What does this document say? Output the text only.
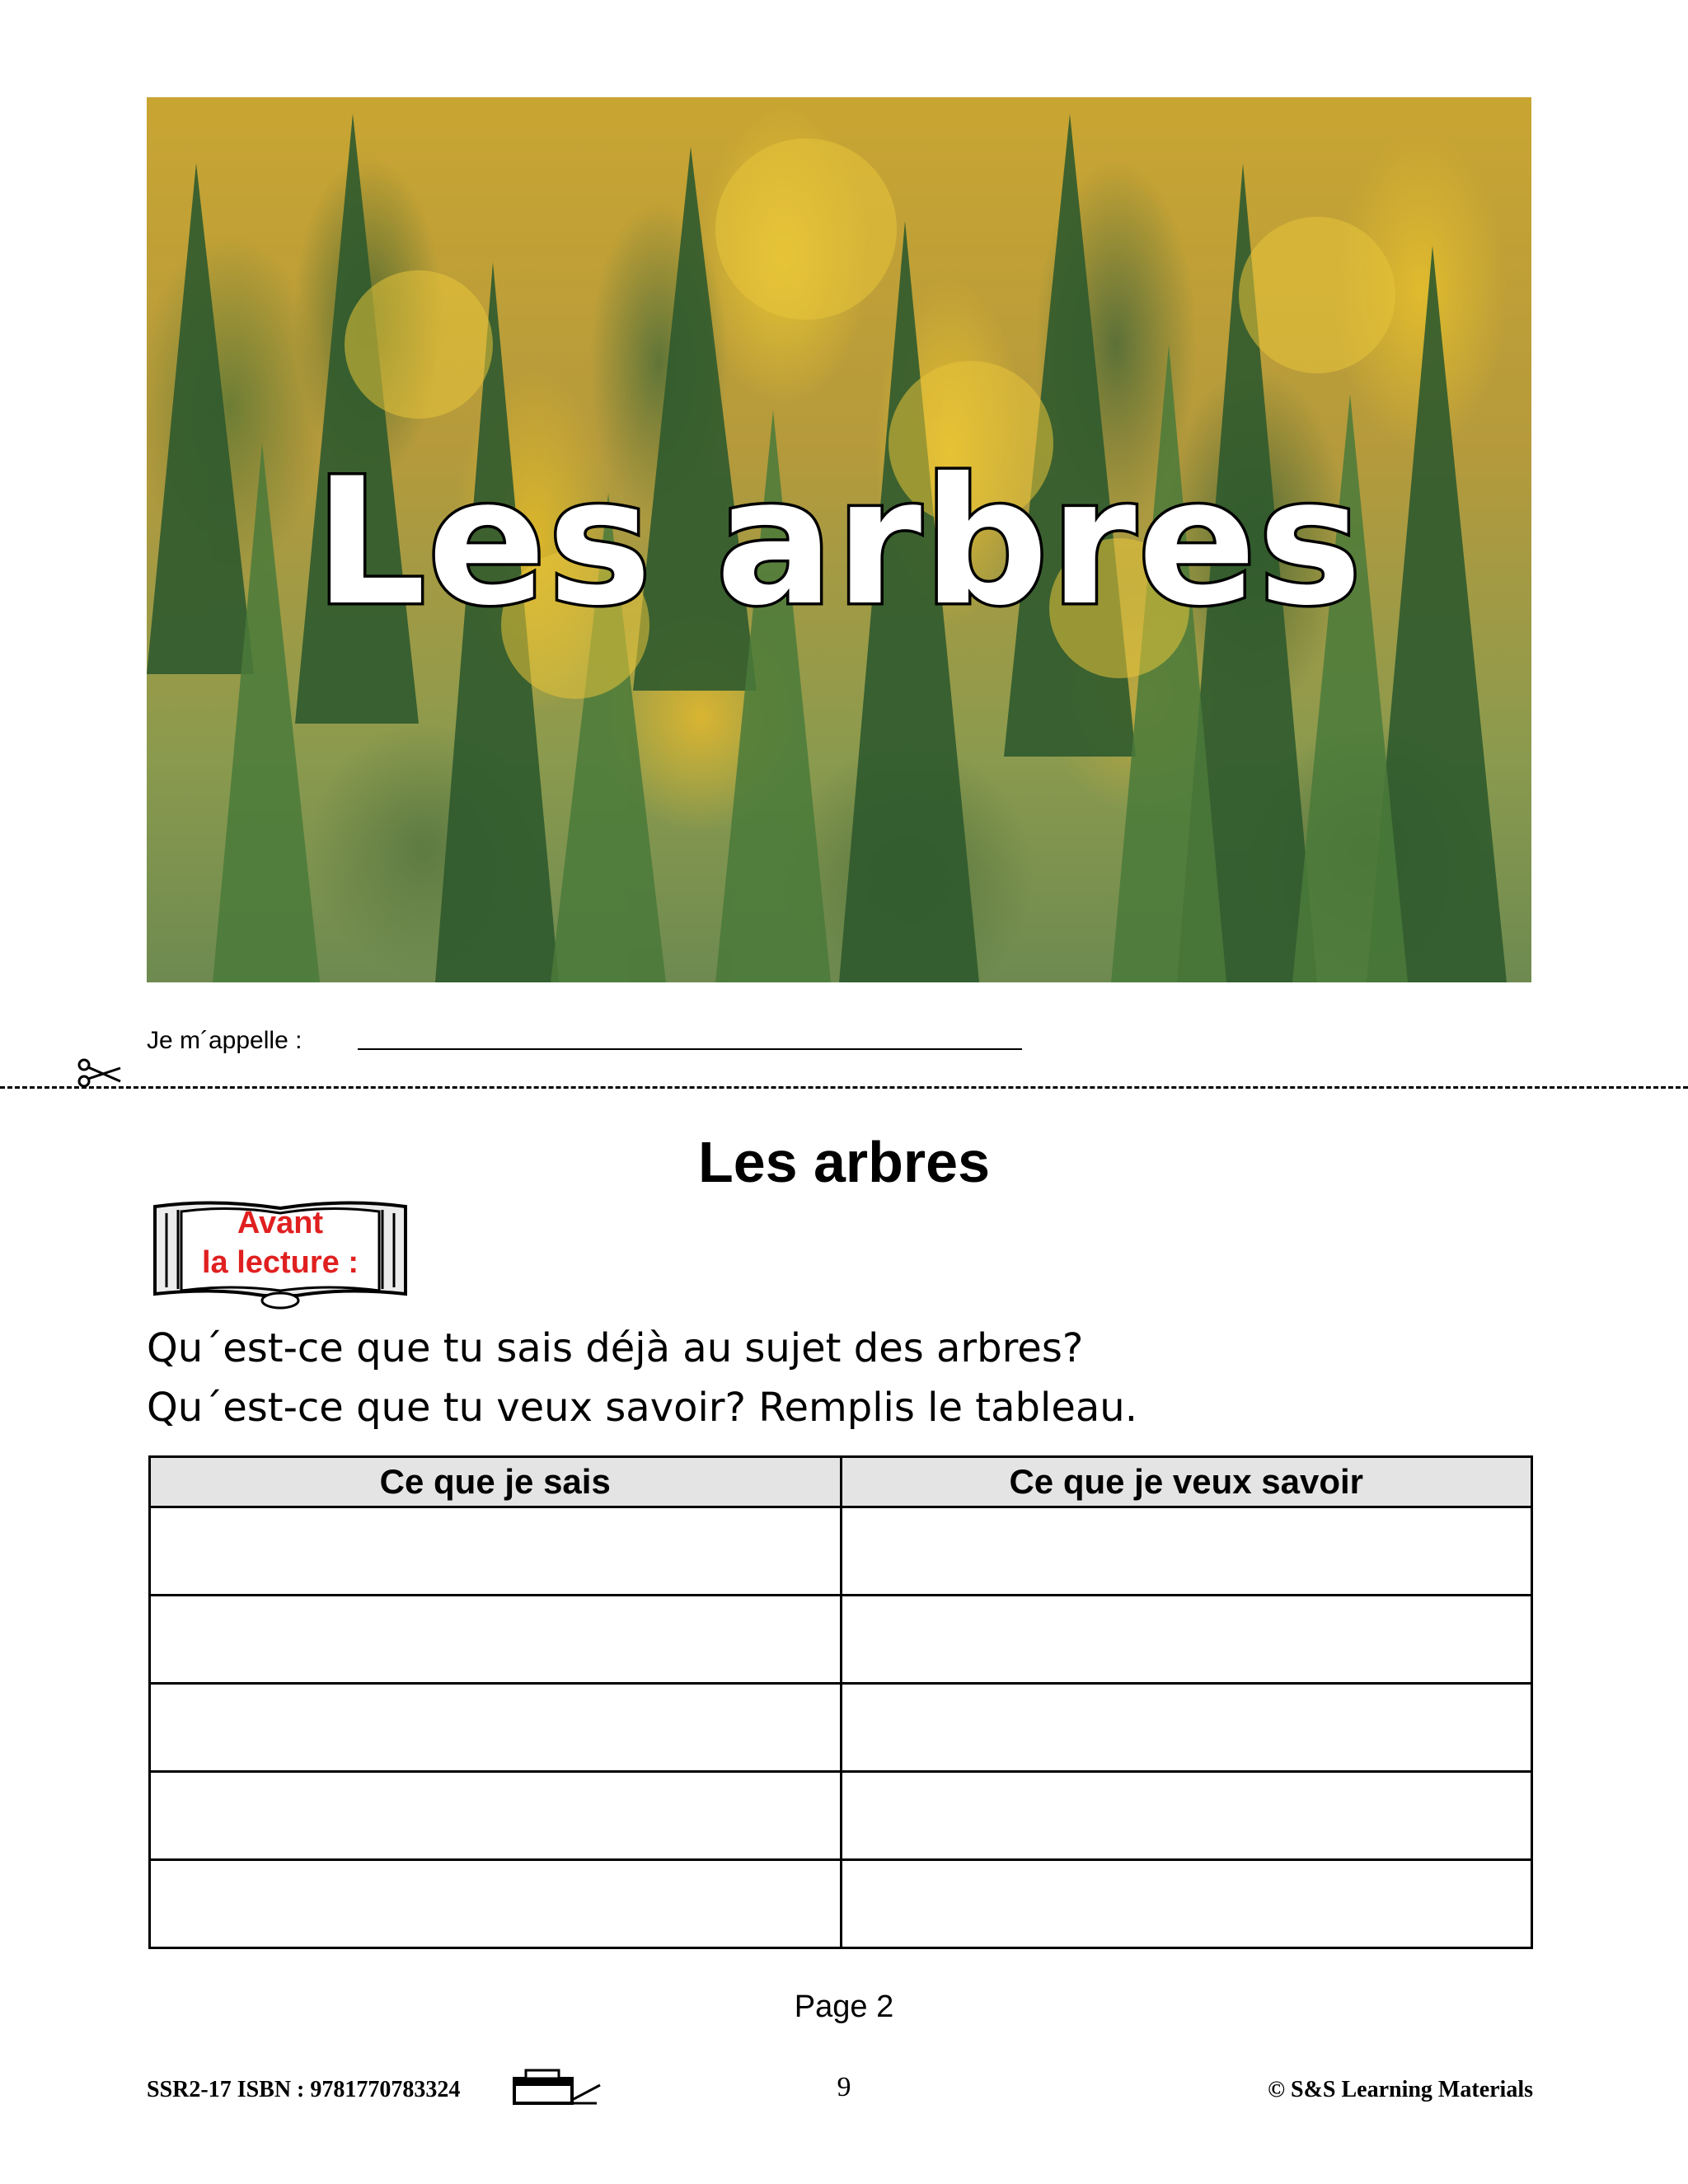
Les arbres
Je m´appelle :
Les arbres
Avant
la lecture :
Qu´est-ce que tu sais déjà au sujet des arbres?
Qu´est-ce que tu veux savoir? Remplis le tableau.
Ce que je sais	Ce que je veux savoir

Page 2
SSR2-17 ISBN : 9781770783324	9	© S&S Learning Materials
